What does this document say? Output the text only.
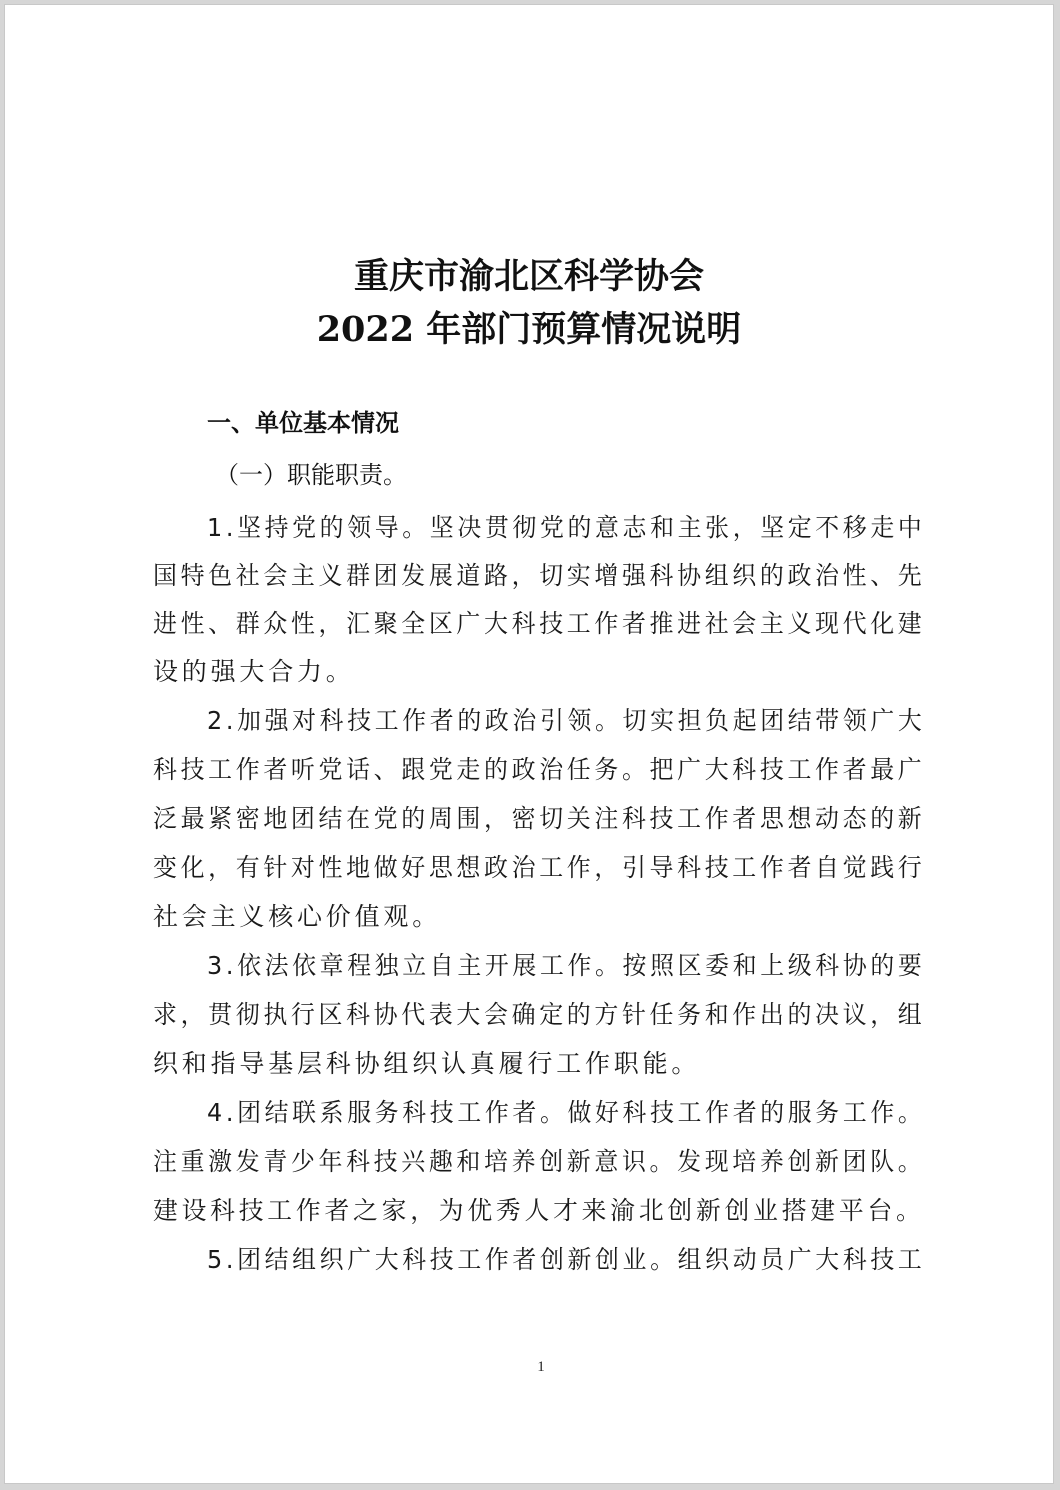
重庆市渝北区科学协会
2022 年部门预算情况说明
一、单位基本情况
（一）职能职责。
1.坚持党的领导。坚决贯彻党的意志和主张，坚定不移走中
国特色社会主义群团发展道路，切实增强科协组织的政治性、先
进性、群众性，汇聚全区广大科技工作者推进社会主义现代化建
设的强大合力。
2.加强对科技工作者的政治引领。切实担负起团结带领广大
科技工作者听党话、跟党走的政治任务。把广大科技工作者最广
泛最紧密地团结在党的周围，密切关注科技工作者思想动态的新
变化，有针对性地做好思想政治工作，引导科技工作者自觉践行
社会主义核心价值观。
3.依法依章程独立自主开展工作。按照区委和上级科协的要
求，贯彻执行区科协代表大会确定的方针任务和作出的决议，组
织和指导基层科协组织认真履行工作职能。
4.团结联系服务科技工作者。做好科技工作者的服务工作。
注重激发青少年科技兴趣和培养创新意识。发现培养创新团队。
建设科技工作者之家，为优秀人才来渝北创新创业搭建平台。
5.团结组织广大科技工作者创新创业。组织动员广大科技工
1
